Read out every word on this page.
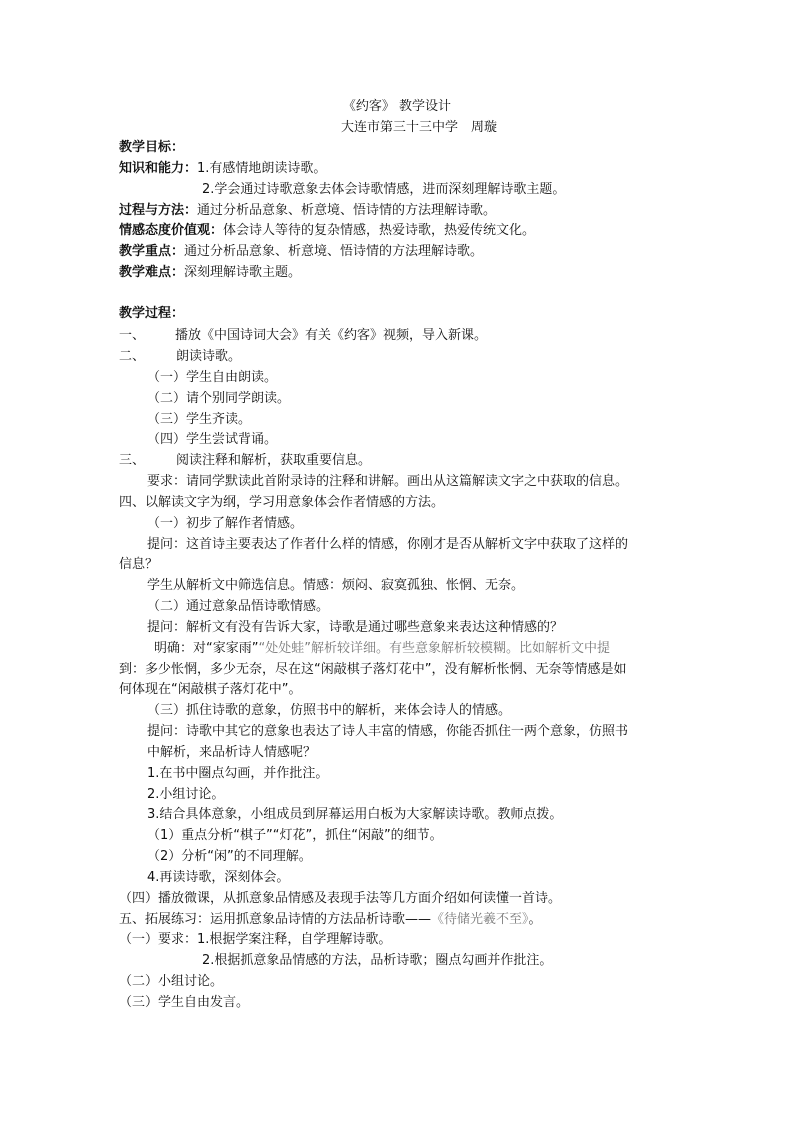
《约客》 教学设计
大连市第三十三中学　周璇
教学目标：
知识和能力：1.有感情地朗读诗歌。
2.学会通过诗歌意象去体会诗歌情感，进而深刻理解诗歌主题。
过程与方法：通过分析品意象、析意境、悟诗情的方法理解诗歌。
情感态度价值观：体会诗人等待的复杂情感，热爱诗歌，热爱传统文化。
教学重点：通过分析品意象、析意境、悟诗情的方法理解诗歌。
教学难点：深刻理解诗歌主题。
教学过程：
一、 播放《中国诗词大会》有关《约客》视频，导入新课。
二、 朗读诗歌。
（一）学生自由朗读。
（二）请个别同学朗读。
（三）学生齐读。
（四）学生尝试背诵。
三、 阅读注释和解析，获取重要信息。
要求：请同学默读此首附录诗的注释和讲解。画出从这篇解读文字之中获取的信息。
四、以解读文字为纲，学习用意象体会作者情感的方法。
（一）初步了解作者情感。
提问：这首诗主要表达了作者什么样的情感，你刚才是否从解析文字中获取了这样的
信息？
学生从解析文中筛选信息。情感：烦闷、寂寞孤独、怅惘、无奈。
（二）通过意象品悟诗歌情感。
提问：解析文有没有告诉大家，诗歌是通过哪些意象来表达这种情感的？
明确：对“家家雨”“处处蛙”解析较详细。有些意象解析较模糊。比如解析文中提
到：多少怅惘，多少无奈，尽在这“闲敲棋子落灯花中”，没有解析怅惘、无奈等情感是如
何体现在“闲敲棋子落灯花中”。
（三）抓住诗歌的意象，仿照书中的解析，来体会诗人的情感。
提问：诗歌中其它的意象也表达了诗人丰富的情感，你能否抓住一两个意象，仿照书
中解析，来品析诗人情感呢？
1.在书中圈点勾画，并作批注。
2.小组讨论。
3.结合具体意象，小组成员到屏幕运用白板为大家解读诗歌。教师点拨。
（1）重点分析“棋子”“灯花”，抓住“闲敲”的细节。
（2）分析“闲”的不同理解。
4.再读诗歌，深刻体会。
（四）播放微课，从抓意象品情感及表现手法等几方面介绍如何读懂一首诗。
五、拓展练习：运用抓意象品诗情的方法品析诗歌——《待储光羲不至》。
（一）要求：1.根据学案注释，自学理解诗歌。
2.根据抓意象品情感的方法，品析诗歌；圈点勾画并作批注。
（二）小组讨论。
（三）学生自由发言。
